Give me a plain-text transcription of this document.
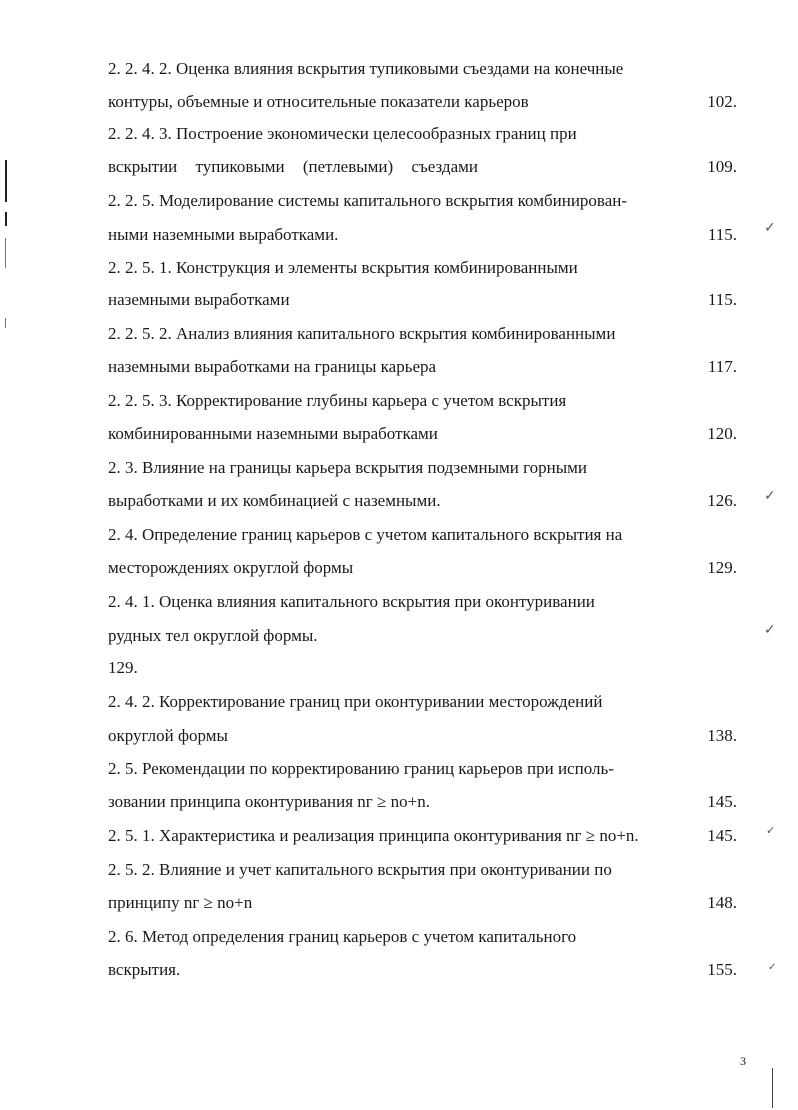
2. 2. 4. 2. Оценка влияния вскрытия тупиковыми съездами на конечные
контуры, объемные и относительные показатели карьеров	102.
2. 2. 4. 3. Построение экономически целесообразных границ при
вскрытии тупиковыми (петлевыми) съездами	109.
2. 2. 5. Моделирование системы капитального вскрытия комбинирован-
ными наземными выработками.	115.
2. 2. 5. 1. Конструкция и элементы вскрытия комбинированными
наземными выработками	115.
2. 2. 5. 2. Анализ влияния капитального вскрытия комбинированными
наземными выработками на границы карьера	117.
2. 2. 5. 3. Корректирование глубины карьера с учетом вскрытия
комбинированными наземными выработками	120.
2. 3. Влияние на границы карьера вскрытия подземными горными
выработками и их комбинацией с наземными.	126.
2. 4. Определение границ карьеров с учетом капитального вскрытия на
месторождениях округлой формы	129.
2. 4. 1. Оценка влияния капитального вскрытия при оконтуривании
рудных тел округлой формы.
129.
2. 4. 2. Корректирование границ при оконтуривании месторождений
округлой формы	138.
2. 5. Рекомендации по корректированию границ карьеров при исполь-
зовании принципа оконтуривания nг ≥ nо+n.	145.
2. 5. 1. Характеристика и реализация принципа оконтуривания nг ≥ nо+n.	145.
2. 5. 2. Влияние и учет капитального вскрытия при оконтуривании по
принципу nг ≥ nо+n	148.
2. 6. Метод определения границ карьеров с учетом капитального
вскрытия.	155.
✓
✓
✓
✓
✓
3
